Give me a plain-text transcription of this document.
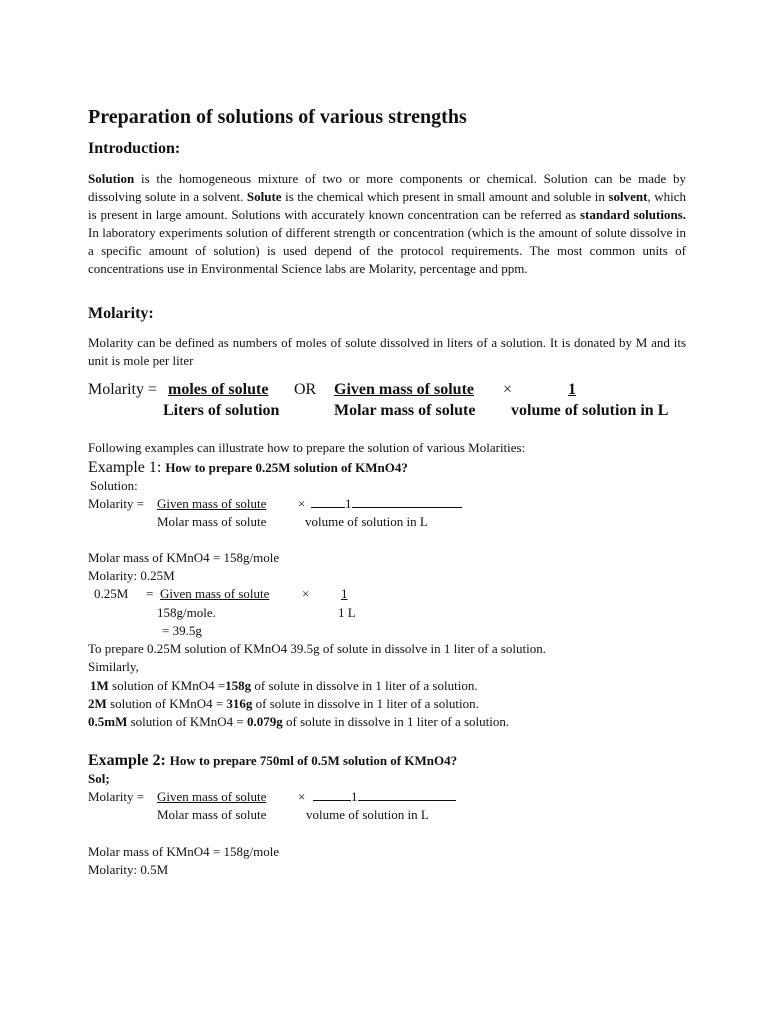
Preparation of solutions of various strengths
Introduction:
Solution is the homogeneous mixture of two or more components or chemical. Solution can be made by dissolving solute in a solvent. Solute is the chemical which present in small amount and soluble in solvent, which is present in large amount. Solutions with accurately known concentration can be referred as standard solutions. In laboratory experiments solution of different strength or concentration (which is the amount of solute dissolve in a specific amount of solution) is used depend of the protocol requirements. The most common units of concentrations use in Environmental Science labs are Molarity, percentage and ppm.
Molarity:
Molarity can be defined as numbers of moles of solute dissolved in liters of a solution. It is donated by M and its unit is mole per liter
Molarity = moles of solute OR Given mass of solute ×	1
Liters of solution	Molar mass of solute volume of solution in L
Following examples can illustrate how to prepare the solution of various Molarities:
Example 1: How to prepare 0.25M solution of KMnO4?
Solution:
Molarity = Given mass of solute ×	1
Molar mass of solute	volume of solution in L
Molar mass of KMnO4 = 158g/mole
Molarity: 0.25M
0.25M = Given mass of solute	× 1
158g/mole.	1 L
= 39.5g
To prepare 0.25M solution of KMnO4 39.5g of solute in dissolve in 1 liter of a solution.
Similarly,
1M solution of KMnO4 =158g of solute in dissolve in 1 liter of a solution.
2M solution of KMnO4 = 316g of solute in dissolve in 1 liter of a solution.
0.5mM solution of KMnO4 = 0.079g of solute in dissolve in 1 liter of a solution.
Example 2: How to prepare 750ml of 0.5M solution of KMnO4?
Sol;
Molarity = Given mass of solute ×	1
Molar mass of solute	volume of solution in L
Molar mass of KMnO4 = 158g/mole
Molarity: 0.5M
